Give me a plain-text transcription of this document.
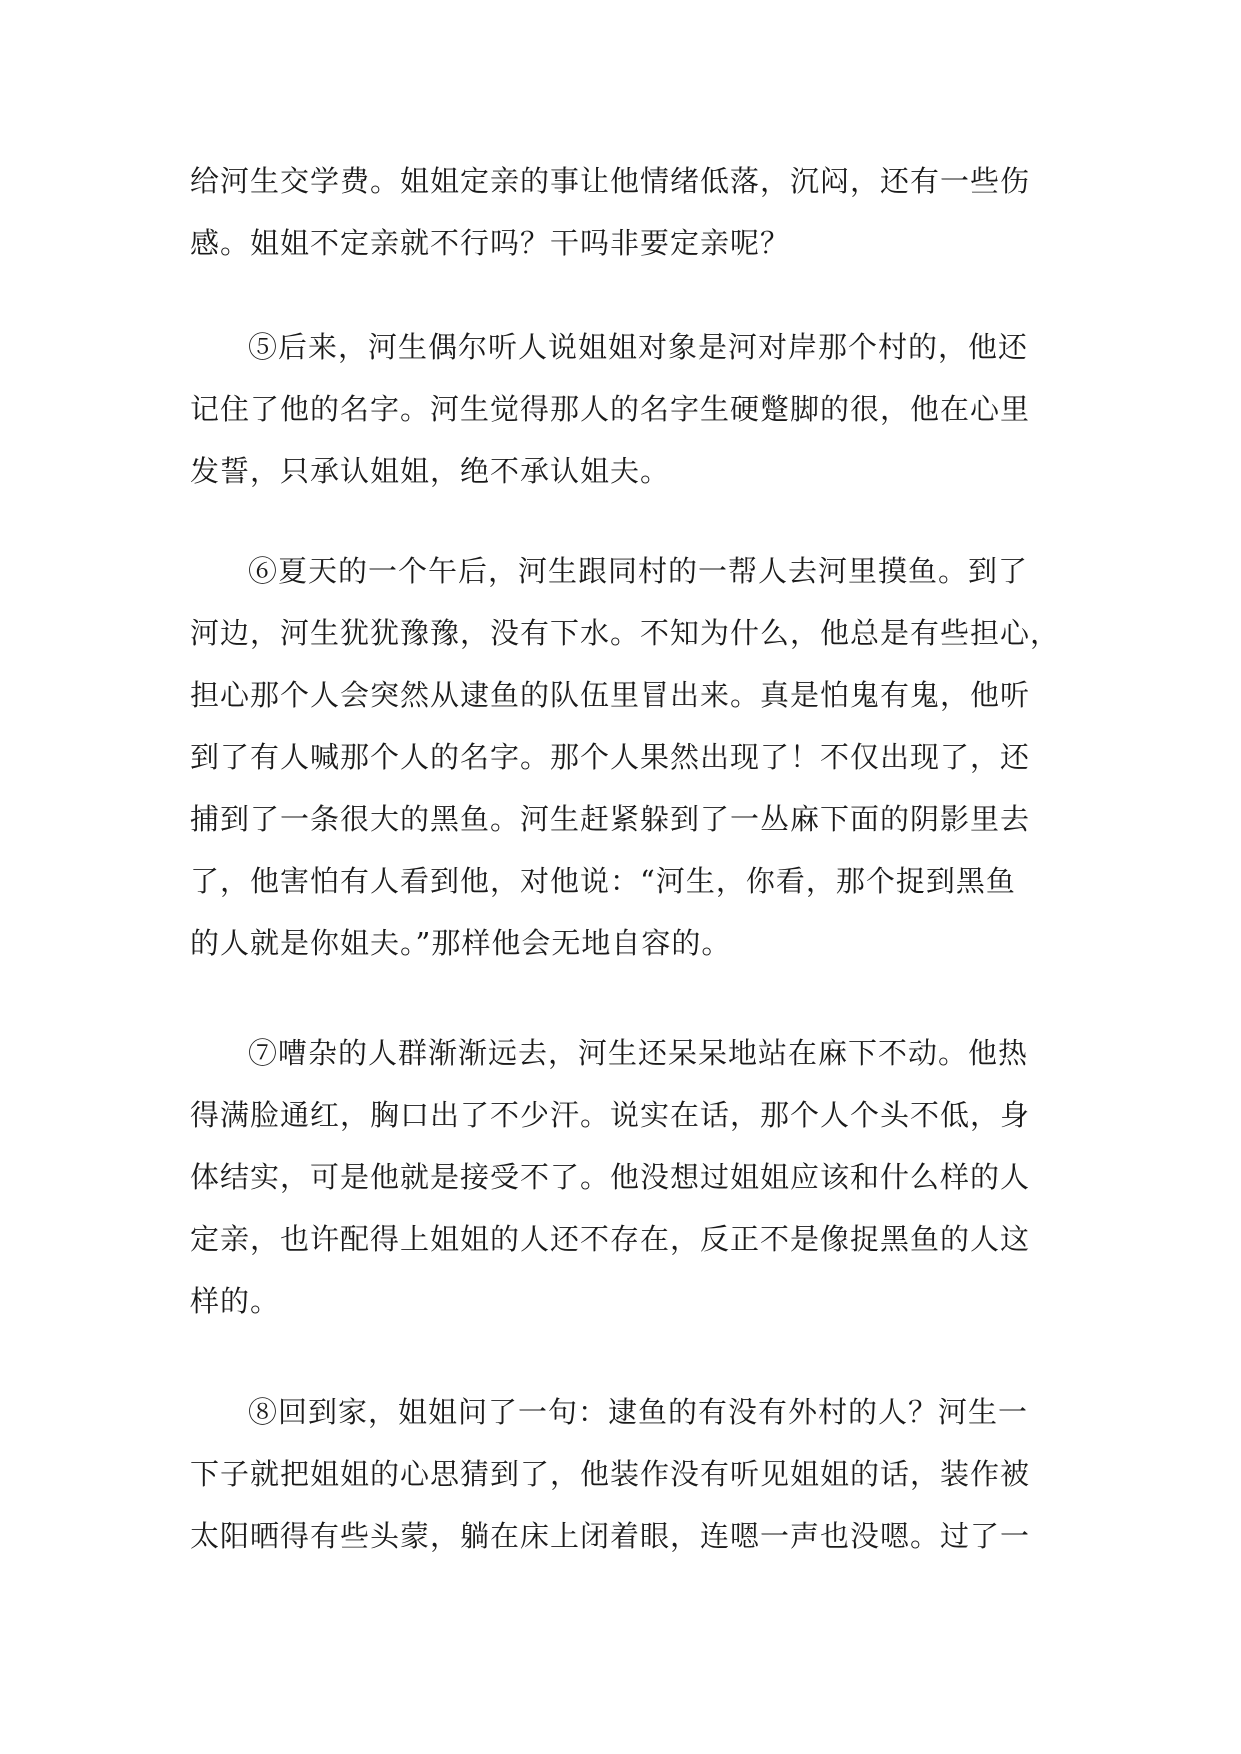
给河生交学费。姐姐定亲的事让他情绪低落，沉闷，还有一些伤
感。姐姐不定亲就不行吗？干吗非要定亲呢？
⑤后来，河生偶尔听人说姐姐对象是河对岸那个村的，他还
记住了他的名字。河生觉得那人的名字生硬蹩脚的很，他在心里
发誓，只承认姐姐，绝不承认姐夫。
⑥夏天的一个午后，河生跟同村的一帮人去河里摸鱼。到了
河边，河生犹犹豫豫，没有下水。不知为什么，他总是有些担心，
担心那个人会突然从逮鱼的队伍里冒出来。真是怕鬼有鬼，他听
到了有人喊那个人的名字。那个人果然出现了！不仅出现了，还
捕到了一条很大的黑鱼。河生赶紧躲到了一丛麻下面的阴影里去
了，他害怕有人看到他，对他说：“河生，你看，那个捉到黑鱼
的人就是你姐夫。”那样他会无地自容的。
⑦嘈杂的人群渐渐远去，河生还呆呆地站在麻下不动。他热
得满脸通红，胸口出了不少汗。说实在话，那个人个头不低，身
体结实，可是他就是接受不了。他没想过姐姐应该和什么样的人
定亲，也许配得上姐姐的人还不存在，反正不是像捉黑鱼的人这
样的。
⑧回到家，姐姐问了一句：逮鱼的有没有外村的人？河生一
下子就把姐姐的心思猜到了，他装作没有听见姐姐的话，装作被
太阳晒得有些头蒙，躺在床上闭着眼，连嗯一声也没嗯。过了一
